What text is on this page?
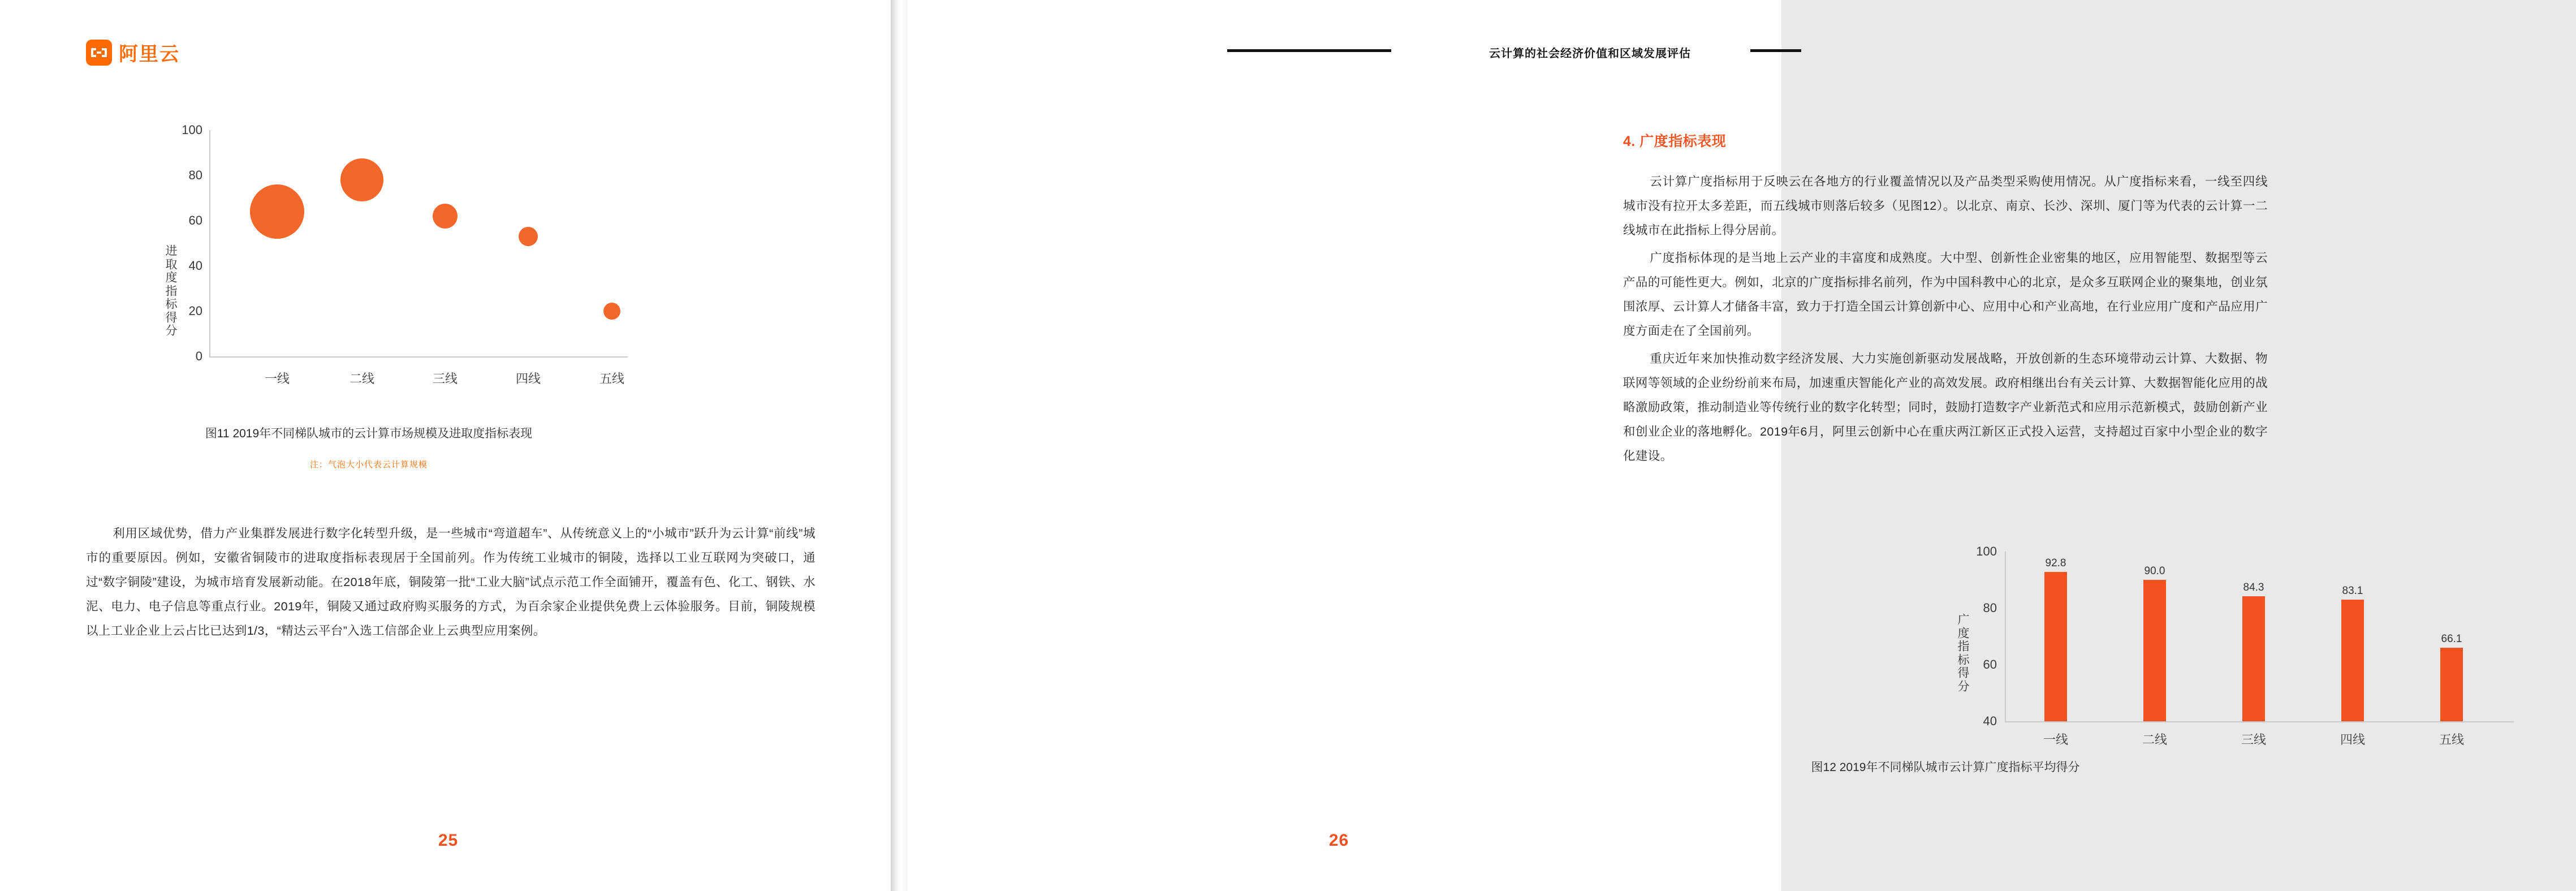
阿里云
进
取
度
指
标
得
分
100
80
60
40
20
0
一线	二线	三线	四线	五线
图11 2019年不同梯队城市的云计算市场规模及进取度指标表现
注：气泡大小代表云计算规模

利用区域优势，借力产业集群发展进行数字化转型升级，是一些城市“弯道超车”、从传统意义上的“小城市”跃升为云计算“前线”城市的重要原因。例如，安徽省铜陵市的进取度指标表现居于全国前列。作为传统工业城市的铜陵，选择以工业互联网为突破口，通过“数字铜陵”建设，为城市培育发展新动能。在2018年底，铜陵第一批“工业大脑”试点示范工作全面铺开，覆盖有色、化工、钢铁、水泥、电力、电子信息等重点行业。2019年，铜陵又通过政府购买服务的方式，为百余家企业提供免费上云体验服务。目前，铜陵规模以上工业企业上云占比已达到1/3，“精达云平台”入选工信部企业上云典型应用案例。

25
云计算的社会经济价值和区域发展评估
4. 广度指标表现

云计算广度指标用于反映云在各地方的行业覆盖情况以及产品类型采购使用情况。从广度指标来看，一线至四线城市没有拉开太多差距，而五线城市则落后较多（见图12）。以北京、南京、长沙、深圳、厦门等为代表的云计算一二线城市在此指标上得分居前。

广度指标体现的是当地上云产业的丰富度和成熟度。大中型、创新性企业密集的地区，应用智能型、数据型等云产品的可能性更大。例如，北京的广度指标排名前列，作为中国科教中心的北京，是众多互联网企业的聚集地，创业氛围浓厚、云计算人才储备丰富，致力于打造全国云计算创新中心、应用中心和产业高地，在行业应用广度和产品应用广度方面走在了全国前列。

重庆近年来加快推动数字经济发展、大力实施创新驱动发展战略，开放创新的生态环境带动云计算、大数据、物联网等领域的企业纷纷前来布局，加速重庆智能化产业的高效发展。政府相继出台有关云计算、大数据智能化应用的战略激励政策，推动制造业等传统行业的数字化转型；同时，鼓励打造数字产业新范式和应用示范新模式，鼓励创新产业和创业企业的落地孵化。2019年6月，阿里云创新中心在重庆两江新区正式投入运营，支持超过百家中小型企业的数字化建设。

广
度
指
标
得
分
100
80
60
40
92.8
90.0
84.3	83.1
66.1
一线	二线	三线	四线	五线
图12 2019年不同梯队城市云计算广度指标平均得分
26
